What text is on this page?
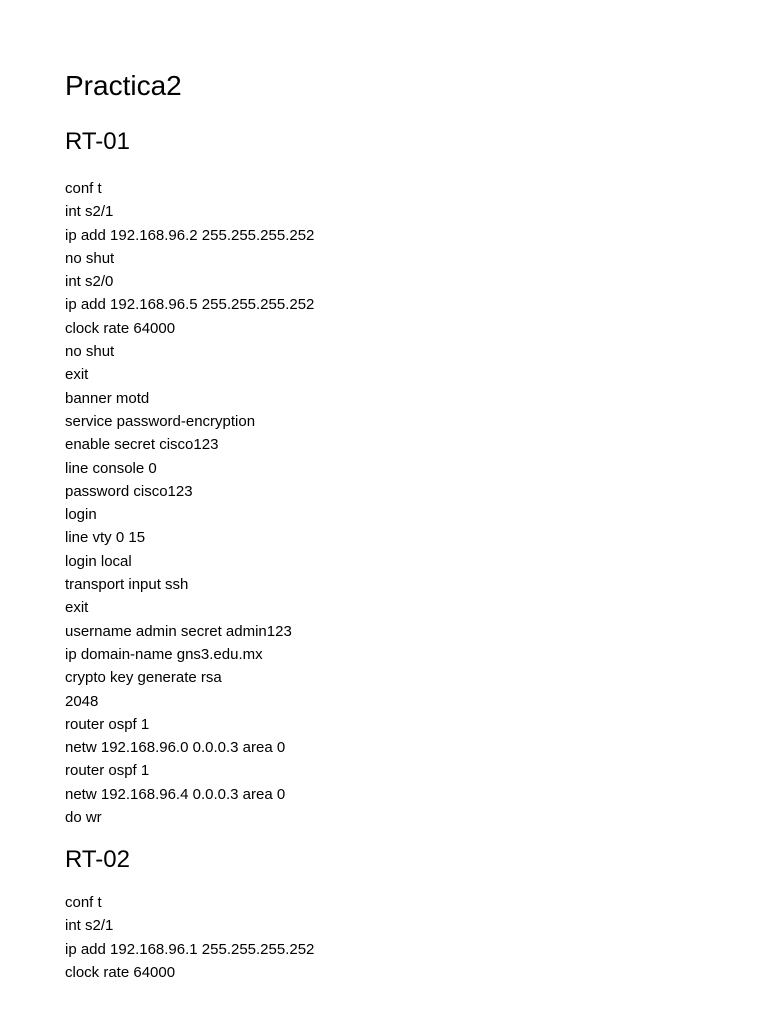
Practica2
RT-01
conf t
int s2/1
ip add 192.168.96.2 255.255.255.252
no shut
int s2/0
ip add 192.168.96.5 255.255.255.252
clock rate 64000
no shut
exit
banner motd
service password-encryption
enable secret cisco123
line console 0
password cisco123
login
line vty 0 15
login local
transport input ssh
exit
username admin secret admin123
ip domain-name gns3.edu.mx
crypto key generate rsa
2048
router ospf 1
netw 192.168.96.0 0.0.0.3 area 0
router ospf 1
netw 192.168.96.4 0.0.0.3 area 0
do wr
RT-02
conf t
int s2/1
ip add 192.168.96.1 255.255.255.252
clock rate 64000
